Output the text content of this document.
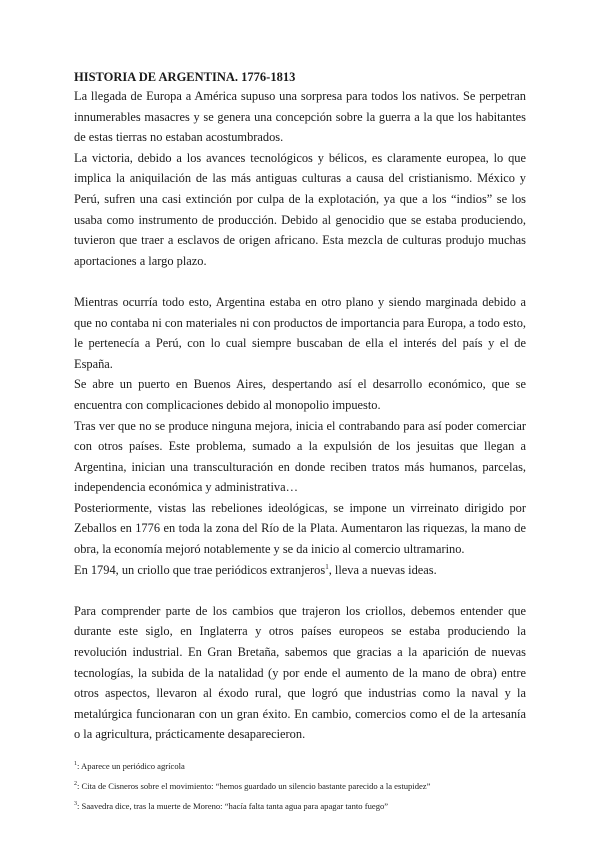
HISTORIA DE ARGENTINA. 1776-1813

La llegada de Europa a América supuso una sorpresa para todos los nativos. Se perpetran innumerables masacres y se genera una concepción sobre la guerra a la que los habitantes de estas tierras no estaban acostumbrados.

La victoria, debido a los avances tecnológicos y bélicos, es claramente europea, lo que implica la aniquilación de las más antiguas culturas a causa del cristianismo. México y Perú, sufren una casi extinción por culpa de la explotación, ya que a los “indios” se los usaba como instrumento de producción. Debido al genocidio que se estaba produciendo, tuvieron que traer a esclavos de origen africano. Esta mezcla de culturas produjo muchas aportaciones a largo plazo.

Mientras ocurría todo esto, Argentina estaba en otro plano y siendo marginada debido a que no contaba ni con materiales ni con productos de importancia para Europa, a todo esto, le pertenecía a Perú, con lo cual siempre buscaban de ella el interés del país y el de España.

Se abre un puerto en Buenos Aires, despertando así el desarrollo económico, que se encuentra con complicaciones debido al monopolio impuesto.

Tras ver que no se produce ninguna mejora, inicia el contrabando para así poder comerciar con otros países. Este problema, sumado a la expulsión de los jesuitas que llegan a Argentina, inician una transculturación en donde reciben tratos más humanos, parcelas, independencia económica y administrativa…

Posteriormente, vistas las rebeliones ideológicas, se impone un virreinato dirigido por Zeballos en 1776 en toda la zona del Río de la Plata. Aumentaron las riquezas, la mano de obra, la economía mejoró notablemente y se da inicio al comercio ultramarino.

En 1794, un criollo que trae periódicos extranjeros$^1$, lleva a nuevas ideas.

Para comprender parte de los cambios que trajeron los criollos, debemos entender que durante este siglo, en Inglaterra y otros países europeos se estaba produciendo la revolución industrial. En Gran Bretaña, sabemos que gracias a la aparición de nuevas tecnologías, la subida de la natalidad (y por ende el aumento de la mano de obra) entre otros aspectos, llevaron al éxodo rural, que logró que industrias como la naval y la metalúrgica funcionaran con un gran éxito. En cambio, comercios como el de la artesanía o la agricultura, prácticamente desaparecieron.

$^1$: Aparece un periódico agrícola

$^2$: Cita de Cisneros sobre el movimiento: “hemos guardado un silencio bastante parecido a la estupidez”

$^3$: Saavedra dice, tras la muerte de Moreno: “hacía falta tanta agua para apagar tanto fuego”
